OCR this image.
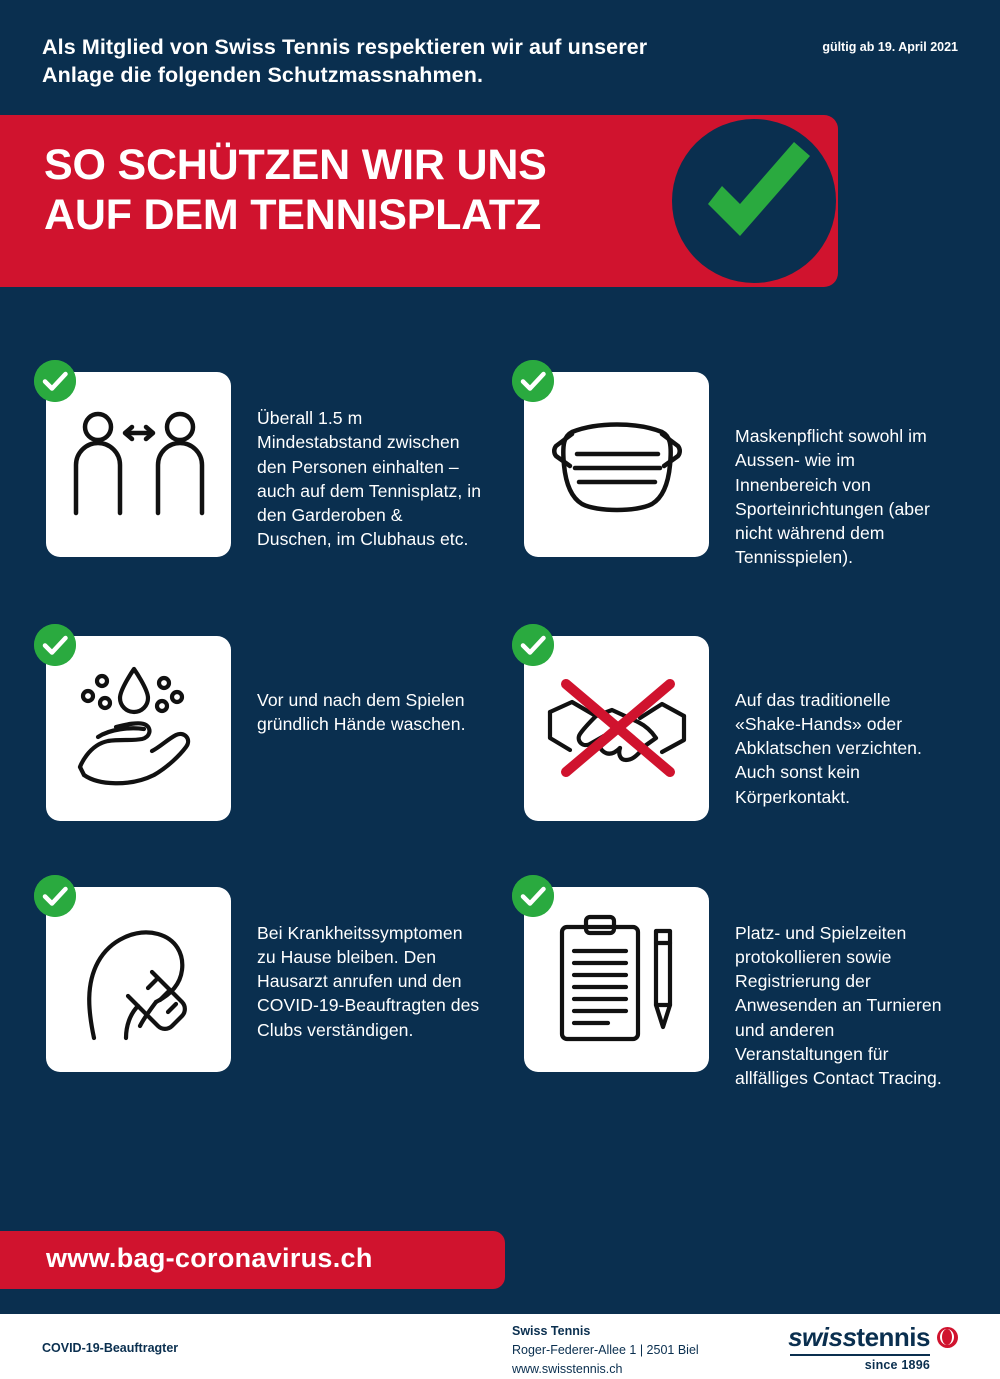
Als Mitglied von Swiss Tennis respektieren wir auf unserer Anlage die folgenden Schutzmassnahmen.
gültig ab 19. April 2021
SO SCHÜTZEN WIR UNS
AUF DEM TENNISPLATZ
Überall 1.5 m Mindestabstand zwischen den Personen einhalten – auch auf dem Tennisplatz, in den Garderoben & Duschen, im Clubhaus etc.
Maskenpflicht sowohl im Aussen- wie im Innenbereich von Sporteinrichtungen (aber nicht während dem Tennisspielen).
Vor und nach dem Spielen gründlich Hände waschen.
Auf das traditionelle «Shake-Hands» oder Abklatschen verzichten. Auch sonst kein Körperkontakt.
Bei Krankheitssymptomen zu Hause bleiben. Den Hausarzt anrufen und den COVID-19-Beauftragten des Clubs verständigen.
Platz- und Spielzeiten protokollieren sowie Registrierung der Anwesenden an Turnieren und anderen Veranstaltungen für allfälliges Contact Tracing.
www.bag-coronavirus.ch
COVID-19-Beauftragter
Swiss Tennis
Roger-Federer-Allee 1 | 2501 Biel
www.swisstennis.ch
swiss tennis
since 1896
